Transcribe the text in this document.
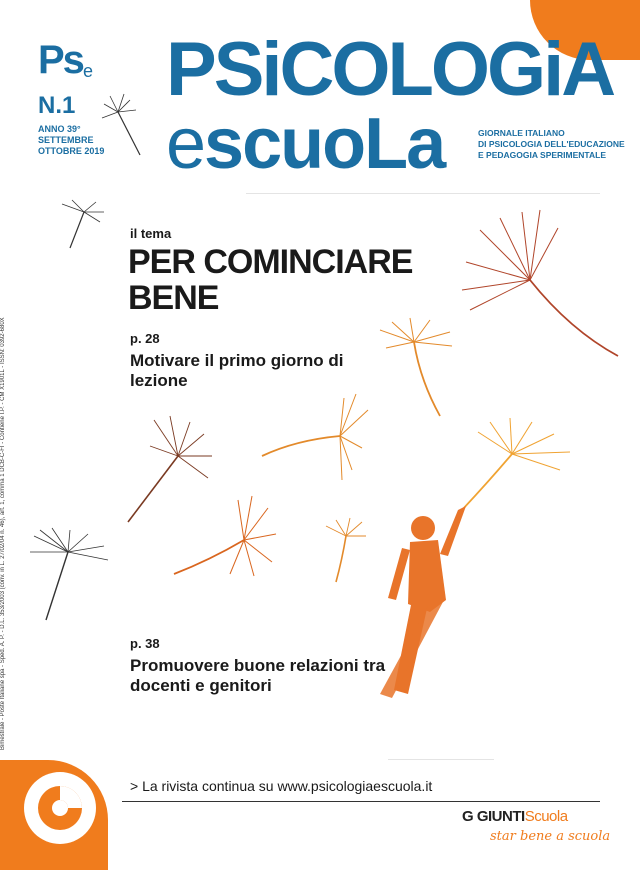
Pse
N.1
ANNO 39°
SETTEMBRE
OTTOBRE 2019
PSiCOLOGiA
escuoLa	GIORNALE ITALIANO
DI PSICOLOGIA DELL'EDUCAZIONE
E PEDAGOGIA SPERIMENTALE
il tema
PER COMINCIARE BENE
p. 28
Motivare il primo giorno di lezione
p. 38
Promuovere buone relazioni tra docenti e genitori
Bimestrale - Poste Italiane spa - Sped. A. P. - D.L. 353/2003 (conv. in L. 27/02/04 n. 46), art. 1, comma 1 DCB-C-FI - Contiene I.P. - CM X1901L - ISSN: 0392-680X
> La rivista continua su www.psicologiaescuola.it
G GIUNTIScuola
star bene a scuola
